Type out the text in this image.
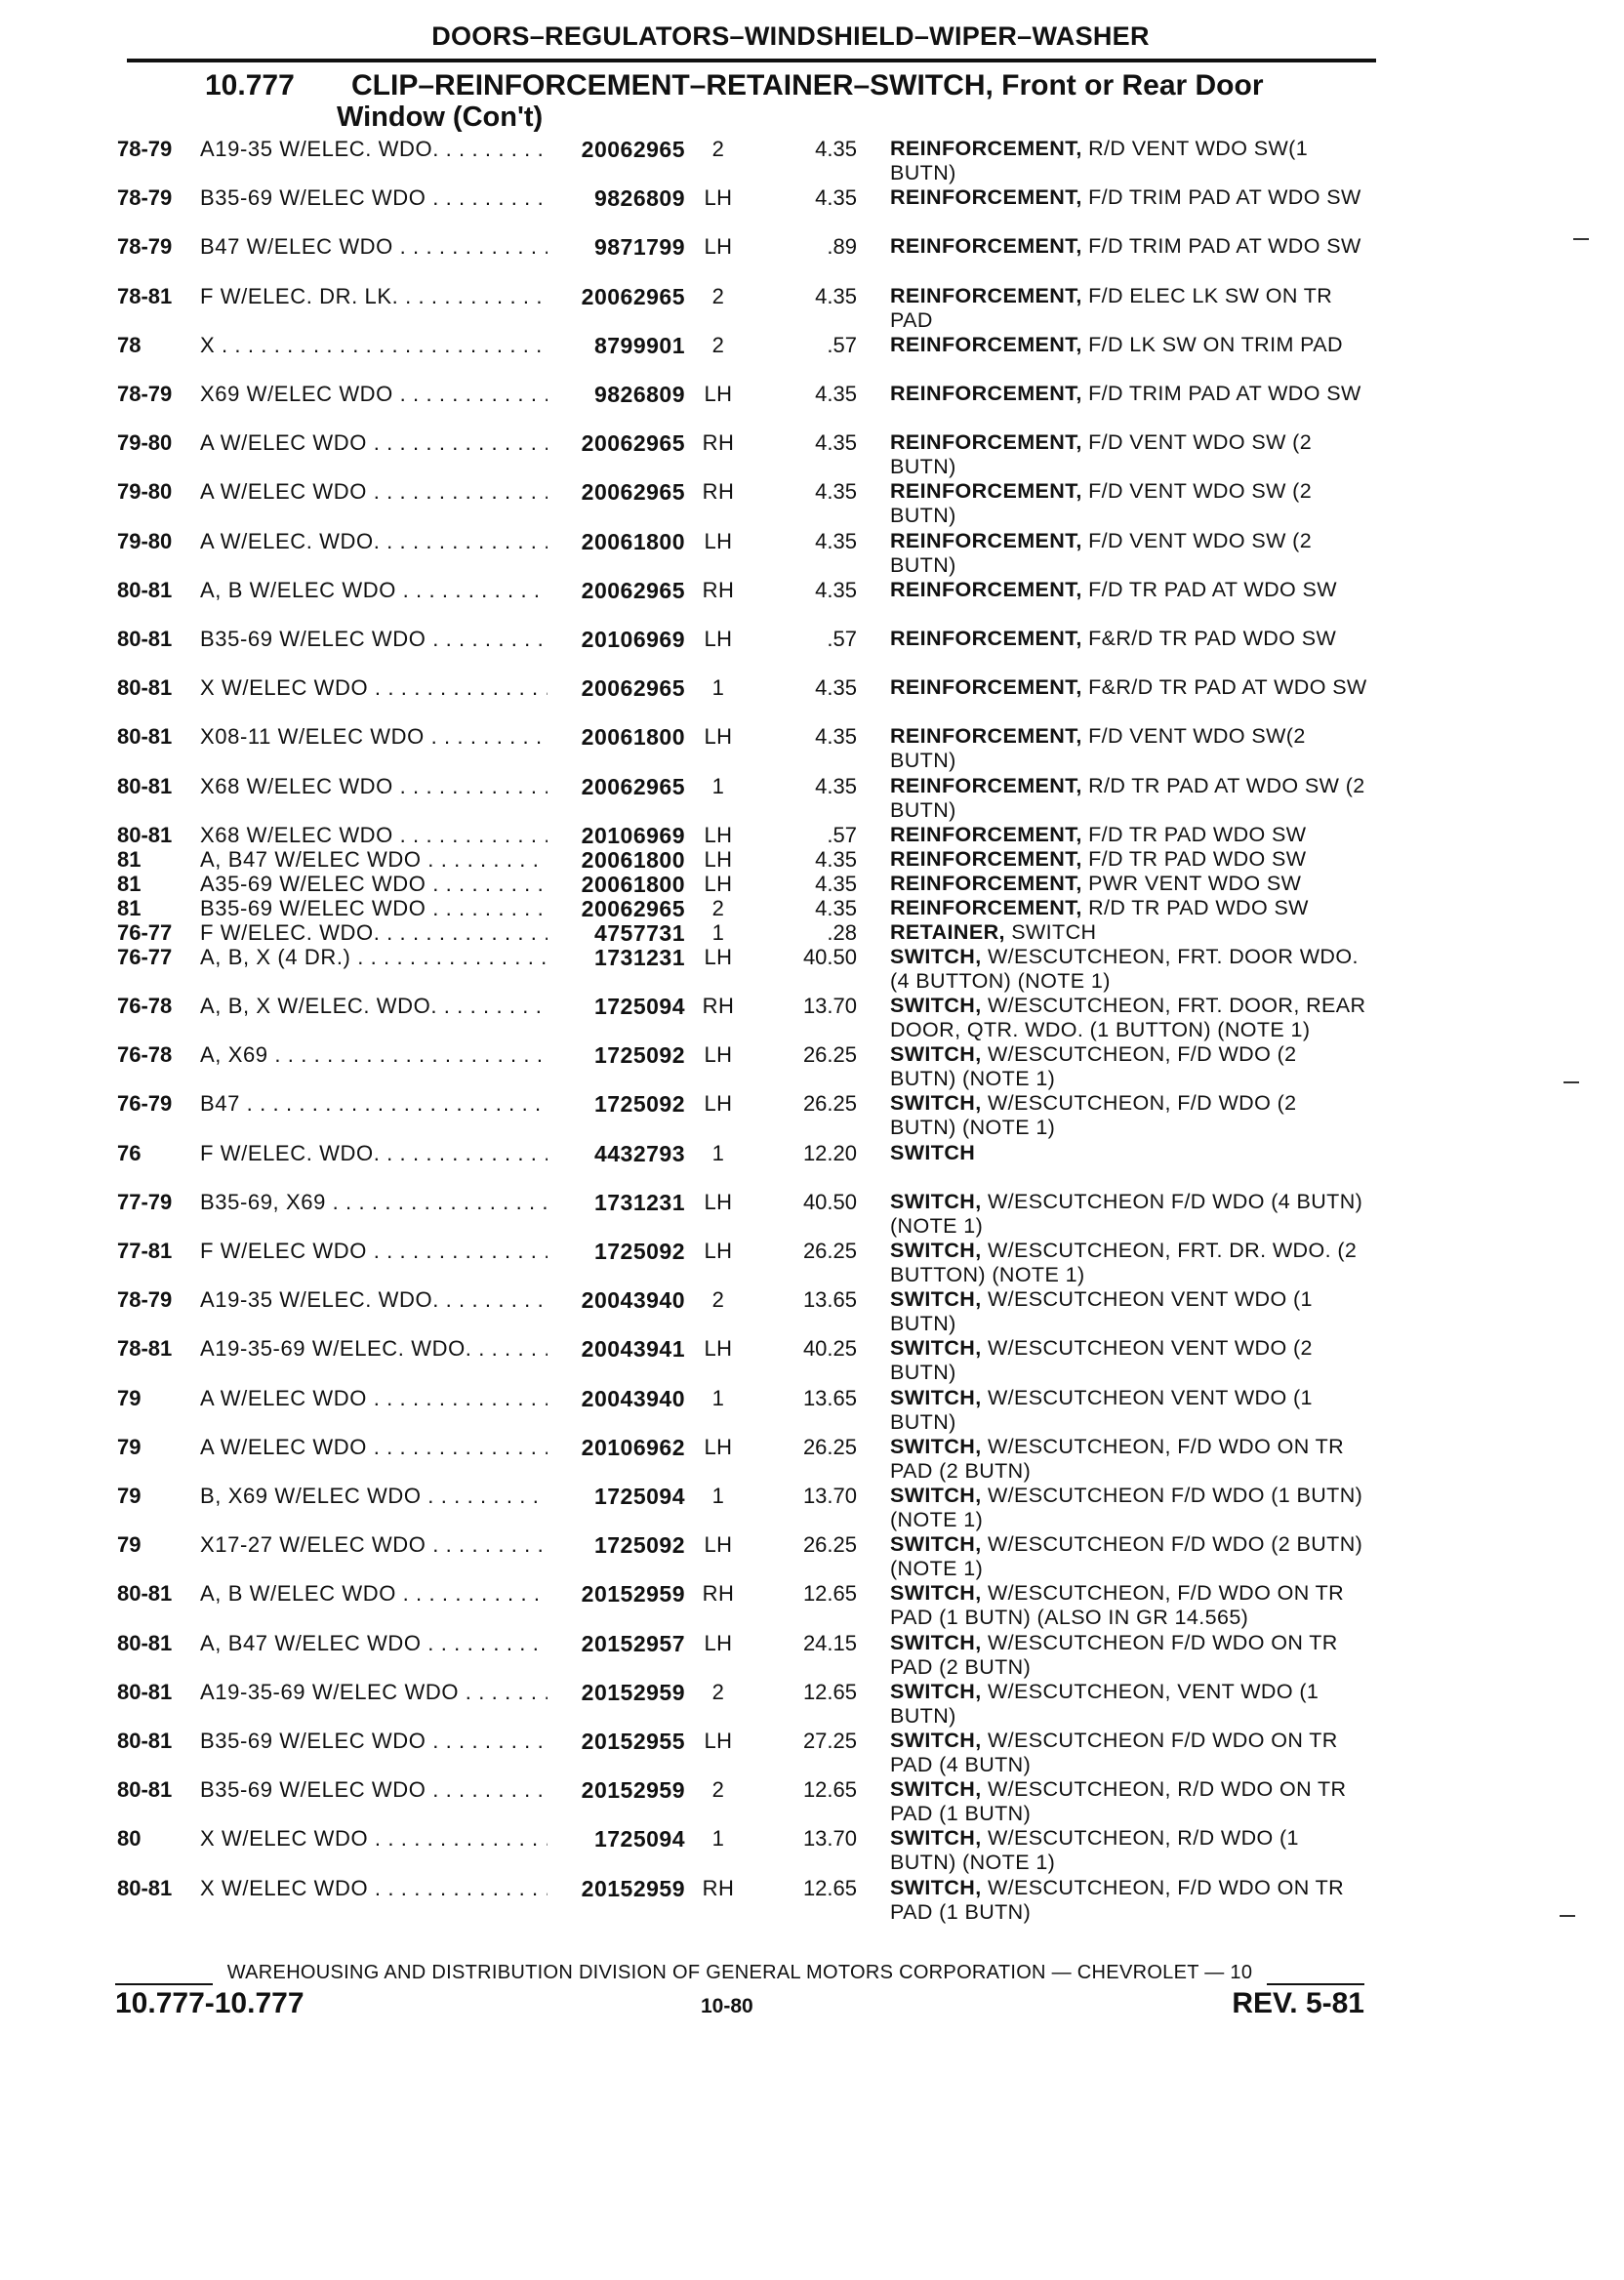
DOORS–REGULATORS–WINDSHIELD–WIPER–WASHER
10.777 CLIP–REINFORCEMENT–RETAINER–SWITCH, Front or Rear Door
Window (Con't)
78-79 A19-35 W/ELEC. WDO. . . .	20062965	2	4.35 REINFORCEMENT, R/D VENT WDO SW(1 BUTN)
78-79 B35-69 W/ELEC WDO . . .	9826809 LH	4.35 REINFORCEMENT, F/D TRIM PAD AT WDO SW
78-79 B47 W/ELEC WDO . . .	9871799 LH	.89 REINFORCEMENT, F/D TRIM PAD AT WDO SW
78-81 F W/ELEC. DR. LK. . . .	20062965	2	4.35 REINFORCEMENT, F/D ELEC LK SW ON TR PAD
78	X . . .	8799901	2	.57 REINFORCEMENT, F/D LK SW ON TRIM PAD
78-79 X69 W/ELEC WDO . . .	9826809 LH	4.35 REINFORCEMENT, F/D TRIM PAD AT WDO SW
79-80 A W/ELEC WDO . . .	20062965 RH	4.35 REINFORCEMENT, F/D VENT WDO SW (2 BUTN)
79-80 A W/ELEC WDO . . .	20062965 RH	4.35 REINFORCEMENT, F/D VENT WDO SW (2 BUTN)
79-80 A W/ELEC. WDO. . . .	20061800 LH	4.35 REINFORCEMENT, F/D VENT WDO SW (2 BUTN)
80-81 A, B W/ELEC WDO . . .	20062965 RH	4.35 REINFORCEMENT, F/D TR PAD AT WDO SW
80-81 B35-69 W/ELEC WDO . . .	20106969 LH	.57 REINFORCEMENT, F&R/D TR PAD WDO SW
80-81 X W/ELEC WDO . . .	20062965	1	4.35 REINFORCEMENT, F&R/D TR PAD AT WDO SW
80-81 X08-11 W/ELEC WDO . . .	20061800 LH	4.35 REINFORCEMENT, F/D VENT WDO SW(2 BUTN)
80-81 X68 W/ELEC WDO . . .	20062965	1	4.35 REINFORCEMENT, R/D TR PAD AT WDO SW (2 BUTN)
80-81 X68 W/ELEC WDO . . .	20106969 LH	.57 REINFORCEMENT, F/D TR PAD WDO SW
81	A, B47 W/ELEC WDO . . .	20061800 LH	4.35 REINFORCEMENT, F/D TR PAD WDO SW
81	A35-69 W/ELEC WDO . . .	20061800 LH	4.35 REINFORCEMENT, PWR VENT WDO SW
81	B35-69 W/ELEC WDO . . .	20062965	2	4.35 REINFORCEMENT, R/D TR PAD WDO SW
76-77 F W/ELEC. WDO. . . .	4757731	1	.28 RETAINER, SWITCH
76-77 A, B, X (4 DR.) . . .	1731231 LH	40.50 SWITCH, W/ESCUTCHEON, FRT. DOOR WDO. (4 BUTTON) (NOTE 1)
76-78 A, B, X W/ELEC. WDO. . . .	1725094 RH	13.70 SWITCH, W/ESCUTCHEON, FRT. DOOR, REAR DOOR, QTR. WDO. (1 BUTTON) (NOTE 1)
76-78 A, X69 . . .	1725092 LH	26.25 SWITCH, W/ESCUTCHEON, F/D WDO (2 BUTN) (NOTE 1)
76-79 B47 . . .	1725092 LH	26.25 SWITCH, W/ESCUTCHEON, F/D WDO (2 BUTN) (NOTE 1)
76	F W/ELEC. WDO. . . .	4432793	1	12.20 SWITCH
77-79 B35-69, X69 . . .	1731231 LH	40.50 SWITCH, W/ESCUTCHEON F/D WDO (4 BUTN) (NOTE 1)
77-81 F W/ELEC WDO . . .	1725092 LH	26.25 SWITCH, W/ESCUTCHEON, FRT. DR. WDO. (2 BUTTON) (NOTE 1)
78-79 A19-35 W/ELEC. WDO. . . .	20043940	2	13.65 SWITCH, W/ESCUTCHEON VENT WDO (1 BUTN)
78-81 A19-35-69 W/ELEC. WDO. . . .	20043941 LH	40.25 SWITCH, W/ESCUTCHEON VENT WDO (2 BUTN)
79	A W/ELEC WDO . . .	20043940	1	13.65 SWITCH, W/ESCUTCHEON VENT WDO (1 BUTN)
79	A W/ELEC WDO . . .	20106962 LH	26.25 SWITCH, W/ESCUTCHEON, F/D WDO ON TR PAD (2 BUTN)
79	B, X69 W/ELEC WDO . . .	1725094	1	13.70 SWITCH, W/ESCUTCHEON F/D WDO (1 BUTN) (NOTE 1)
79	X17-27 W/ELEC WDO . . .	1725092 LH	26.25 SWITCH, W/ESCUTCHEON F/D WDO (2 BUTN) (NOTE 1)
80-81 A, B W/ELEC WDO . . .	20152959 RH	12.65 SWITCH, W/ESCUTCHEON, F/D WDO ON TR PAD (1 BUTN) (ALSO IN GR 14.565)
80-81 A, B47 W/ELEC WDO . . .	20152957 LH	24.15 SWITCH, W/ESCUTCHEON F/D WDO ON TR PAD (2 BUTN)
80-81 A19-35-69 W/ELEC WDO . . .	20152959	2	12.65 SWITCH, W/ESCUTCHEON, VENT WDO (1 BUTN)
80-81 B35-69 W/ELEC WDO . . .	20152955 LH	27.25 SWITCH, W/ESCUTCHEON F/D WDO ON TR PAD (4 BUTN)
80-81 B35-69 W/ELEC WDO . . .	20152959	2	12.65 SWITCH, W/ESCUTCHEON, R/D WDO ON TR PAD (1 BUTN)
80	X W/ELEC WDO . . .	1725094	1	13.70 SWITCH, W/ESCUTCHEON, R/D WDO (1 BUTN) (NOTE 1)
80-81 X W/ELEC WDO . . .	20152959 RH	12.65 SWITCH, W/ESCUTCHEON, F/D WDO ON TR PAD (1 BUTN)
WAREHOUSING AND DISTRIBUTION DIVISION OF GENERAL MOTORS CORPORATION — CHEVROLET — 10
10.777-10.777	10-80	REV. 5-81
